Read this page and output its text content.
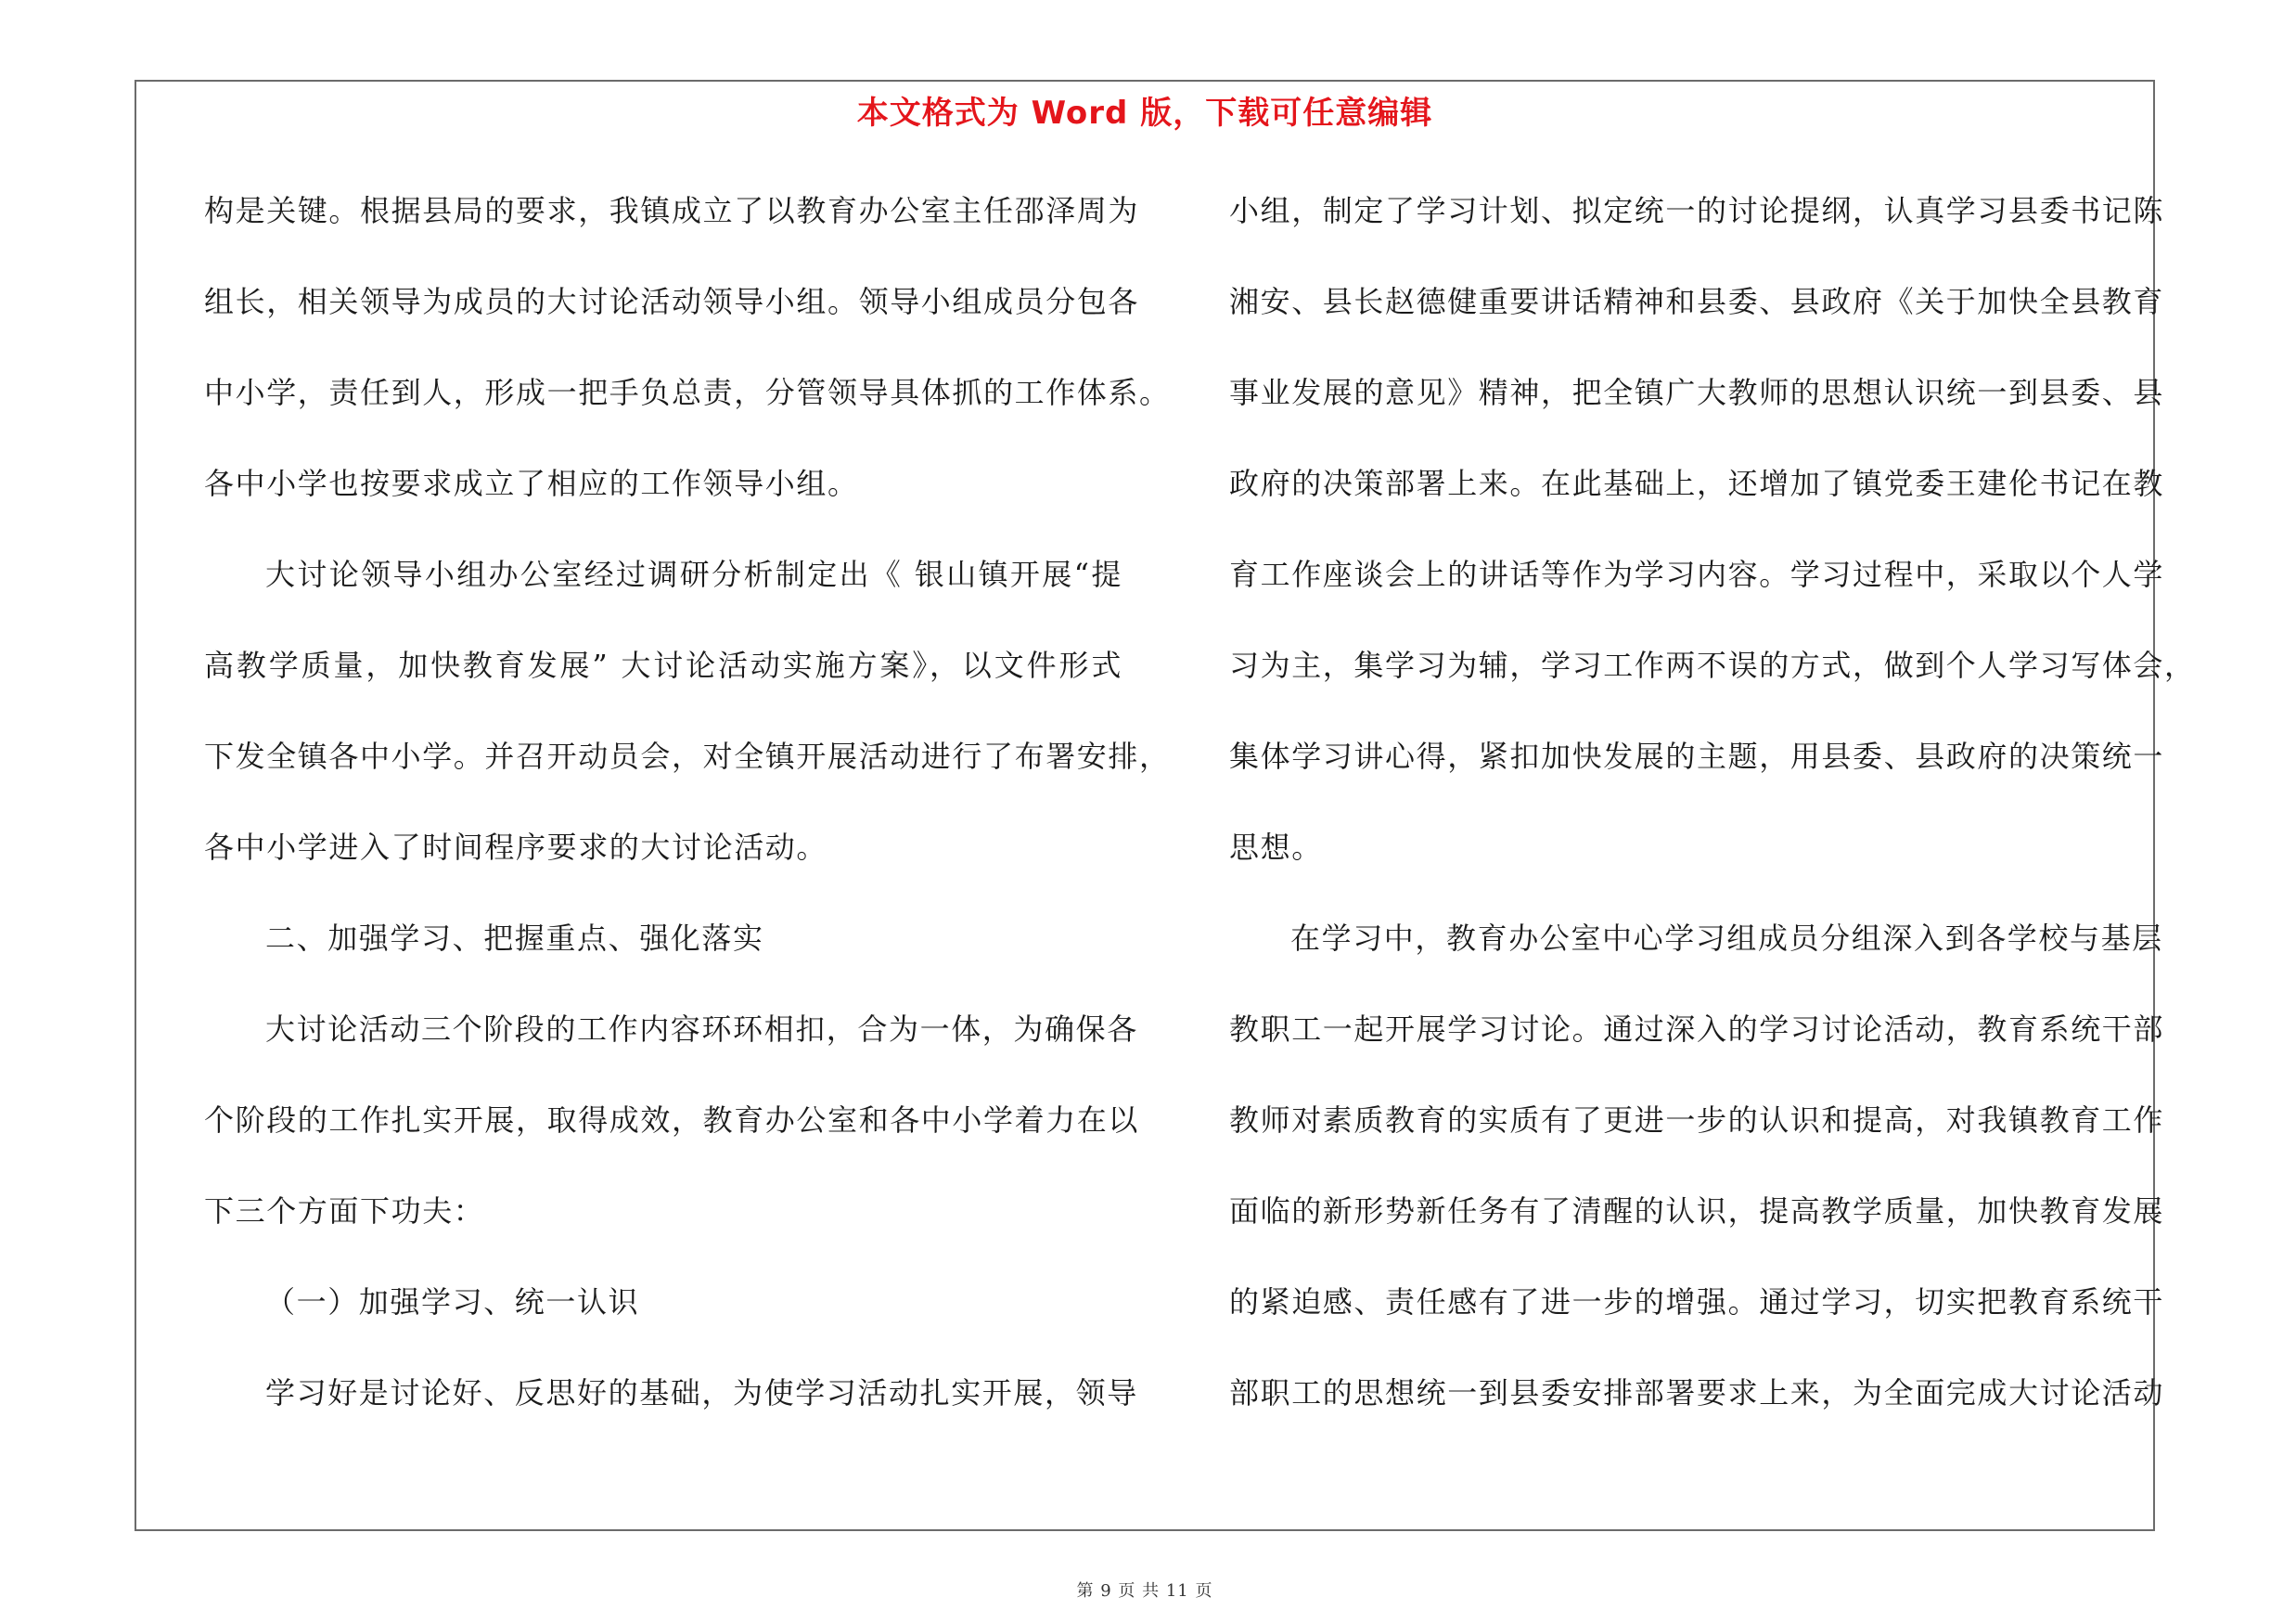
本文格式为 Word 版，下载可任意编辑
第 9 页 共 11 页
构是关键。根据县局的要求，我镇成立了以教育办公室主任邵泽周为
组长，相关领导为成员的大讨论活动领导小组。领导小组成员分包各
中小学，责任到人，形成一把手负总责，分管领导具体抓的工作体系。
各中小学也按要求成立了相应的工作领导小组。
大讨论领导小组办公室经过调研分析制定出《 银山镇开展“提
高教学质量，加快教育发展” 大讨论活动实施方案》，以文件形式
下发全镇各中小学。并召开动员会，对全镇开展活动进行了布署安排，
各中小学进入了时间程序要求的大讨论活动。
二、加强学习、把握重点、强化落实
大讨论活动三个阶段的工作内容环环相扣，合为一体，为确保各
个阶段的工作扎实开展，取得成效，教育办公室和各中小学着力在以
下三个方面下功夫：
（一）加强学习、统一认识
学习好是讨论好、反思好的基础，为使学习活动扎实开展，领导
小组，制定了学习计划、拟定统一的讨论提纲，认真学习县委书记陈
湘安、县长赵德健重要讲话精神和县委、县政府《关于加快全县教育
事业发展的意见》精神，把全镇广大教师的思想认识统一到县委、县
政府的决策部署上来。在此基础上，还增加了镇党委王建伦书记在教
育工作座谈会上的讲话等作为学习内容。学习过程中，采取以个人学
习为主，集学习为辅，学习工作两不误的方式，做到个人学习写体会，
集体学习讲心得，紧扣加快发展的主题，用县委、县政府的决策统一
思想。
在学习中，教育办公室中心学习组成员分组深入到各学校与基层
教职工一起开展学习讨论。通过深入的学习讨论活动，教育系统干部
教师对素质教育的实质有了更进一步的认识和提高，对我镇教育工作
面临的新形势新任务有了清醒的认识，提高教学质量，加快教育发展
的紧迫感、责任感有了进一步的增强。通过学习，切实把教育系统干
部职工的思想统一到县委安排部署要求上来，为全面完成大讨论活动
